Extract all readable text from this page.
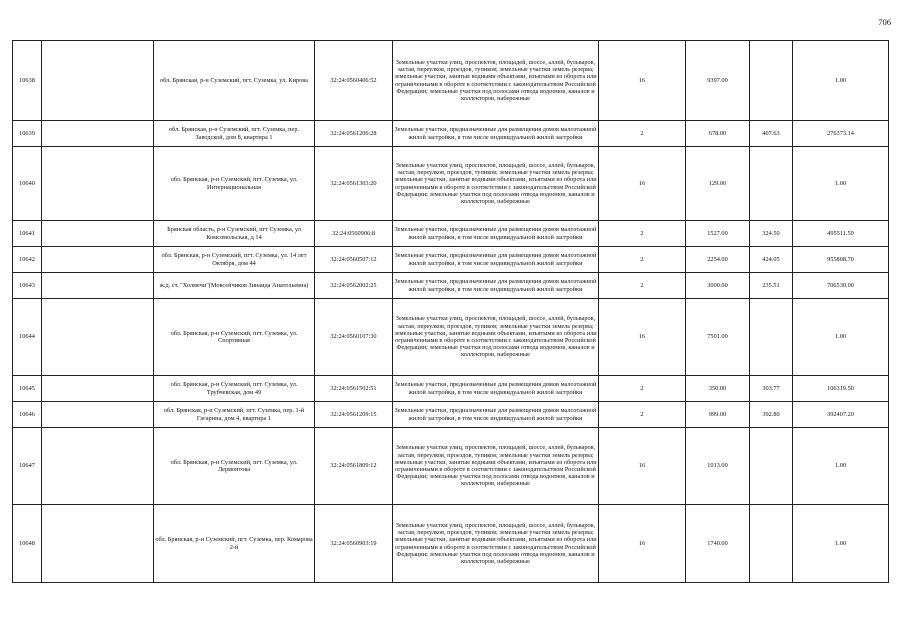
706
10638		обл. Брянская, р-н Суземский, пгт. Суземка, ул. Кирова	32:24:0560406:52	Земельные участки улиц, проспектов, площадей, шоссе, аллей, бульваров, застав, переулков, проездов, тупиков; земельные участки земель резерва; земельные участки, занятые водными объектами, изъятыми из оборота или ограниченными в обороте в соответствии с законодательством Российской Федерации; земельные участки под полосами отвода водоемов, каналов и коллекторов, набережные	16	9397.00		1.00
10639		обл. Брянская, р-н Суземский, пгт. Суземка, пер. Заводской, дом 8, квартира 1	32:24:0561206:28	Земельные участки, предназначенные для размещения домов малоэтажной жилой застройки, в том числе индивидуальной жилой застройки	2	678.00	407.63	276373.14
10640		обл. Брянская, р-н Суземский, пгт. Суземка, ул. Интернациональная	32:24:0561303:20	Земельные участки улиц, проспектов, площадей, шоссе, аллей, бульваров, застав, переулков, проездов, тупиков; земельные участки земель резерва; земельные участки, занятые водными объектами, изъятыми из оборота или ограниченными в обороте в соответствии с законодательством Российской Федерации; земельные участки под полосами отвода водоемов, каналов и коллекторов, набережные	16	129.00		1.00
10641		Брянская область, р-н Суземский, пгт Суземка, ул Комсомольская, д 14	32:24:0560906:8	Земельные участки, предназначенные для размещения домов малоэтажной жилой застройки, в том числе индивидуальной жилой застройки	2	1527.00	324.50	495511.50
10642		обл. Брянская, р-н Суземский, пгт. Суземка, ул. 14 лет Октября, дом 44	32:24:0560507:12	Земельные участки, предназначенные для размещения домов малоэтажной жилой застройки, в том числе индивидуальной жилой застройки	2	2254.00	424.05	955808.70
10643		ж.д. ст. "Холмечи"(Мовсейчиков Зинаида Анатольевна)	32:24:0562002:25	Земельные участки, предназначенные для размещения домов малоэтажной жилой застройки, в том числе индивидуальной жилой застройки	2	3000.00	235.51	706530.00
10644		обл. Брянская, р-н Суземский, пгт. Суземка, ул. Спортивная	32:24:0560107:30	Земельные участки улиц, проспектов, площадей, шоссе, аллей, бульваров, застав, переулков, проездов, тупиков; земельные участки земель резерва; земельные участки, занятые водными объектами, изъятыми из оборота или ограниченными в обороте в соответствии с законодательством Российской Федерации; земельные участки под полосами отвода водоемов, каналов и коллекторов, набережные	16	7501.00		1.00
10645		обл. Брянская, р-н Суземский, пгт. Суземка, ул. Трубчевская, дом 49	32:24:0561502:51	Земельные участки, предназначенные для размещения домов малоэтажной жилой застройки, в том числе индивидуальной жилой застройки	2	350.00	303.77	106319.50
10646		обл. Брянская, р-н Суземский, пгт. Суземка, пер. 1-й Гагарина, дом 4, квартира 1	32:24:0561209:15	Земельные участки, предназначенные для размещения домов малоэтажной жилой застройки, в том числе индивидуальной жилой застройки	2	999.00	392.80	392407.20
10647		обл. Брянская, р-н Суземский, пгт. Суземка, ул. Лермонтова	32:24:0561809:12	Земельные участки улиц, проспектов, площадей, шоссе, аллей, бульваров, застав, переулков, проездов, тупиков; земельные участки земель резерва; земельные участки, занятые водными объектами, изъятыми из оборота или ограниченными в обороте в соответствии с законодательством Российской Федерации; земельные участки под полосами отвода водоемов, каналов и коллекторов, набережные	16	1013.00		1.00
10648		обл. Брянская, р-н Суземский, пгт. Суземка, пер. Комарова 2-й	32:24:0560903:19	Земельные участки улиц, проспектов, площадей, шоссе, аллей, бульваров, застав, переулков, проездов, тупиков; земельные участки земель резерва; земельные участки, занятые водными объектами, изъятыми из оборота или ограниченными в обороте в соответствии с законодательством Российской Федерации; земельные участки под полосами отвода водоемов, каналов и коллекторов, набережные	16	1740.00		1.00
